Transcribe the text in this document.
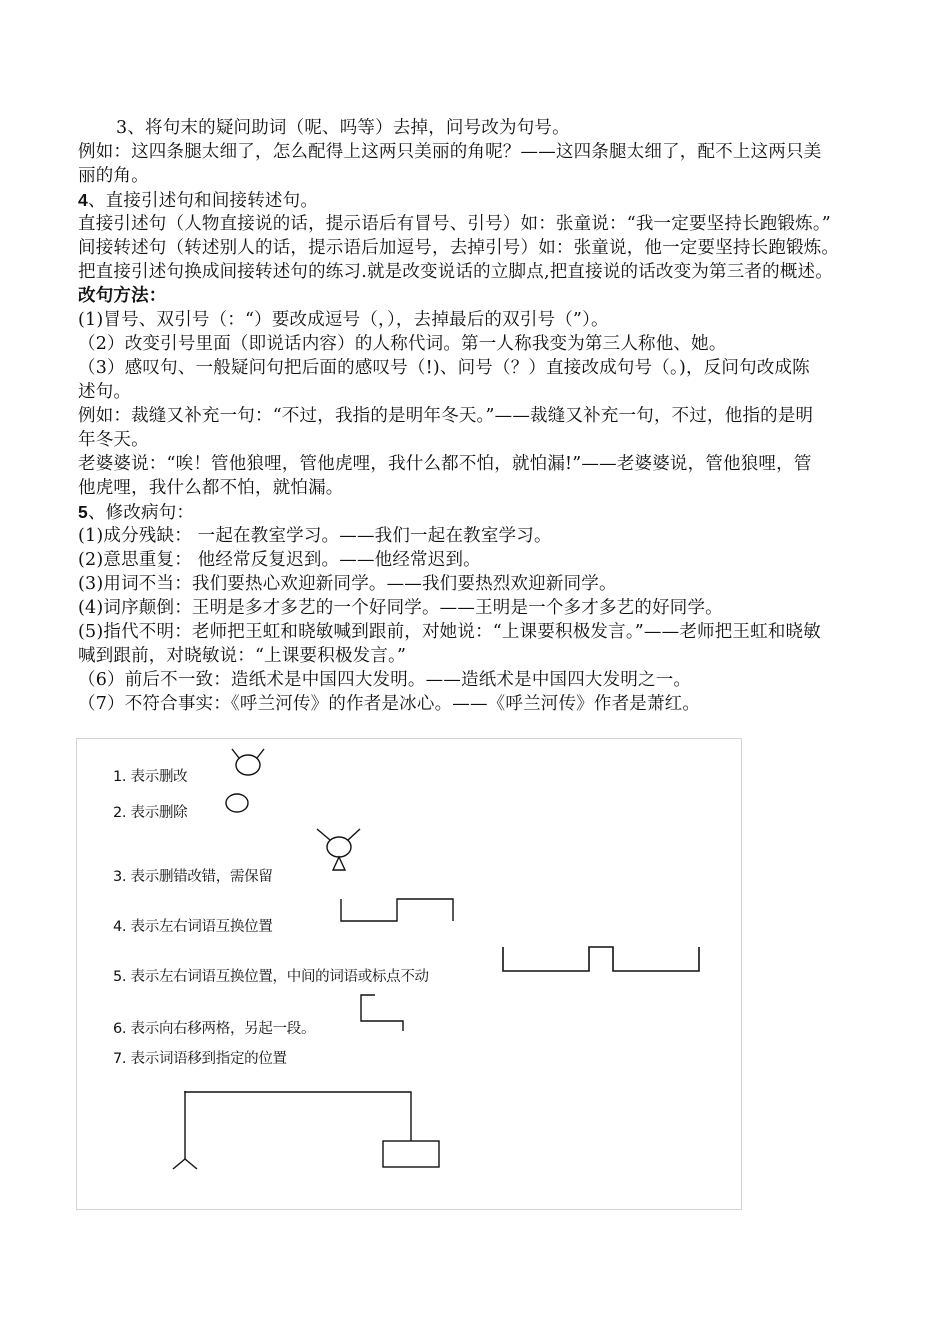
3、将句末的疑问助词（呢、吗等）去掉，问号改为句号。
例如：这四条腿太细了，怎么配得上这两只美丽的角呢？——这四条腿太细了，配不上这两只美
丽的角。
4、直接引述句和间接转述句。
直接引述句（人物直接说的话，提示语后有冒号、引号）如：张童说：“我一定要坚持长跑锻炼。”
间接转述句（转述别人的话，提示语后加逗号，去掉引号）如：张童说，他一定要坚持长跑锻炼。
把直接引述句换成间接转述句的练习.就是改变说话的立脚点,把直接说的话改变为第三者的概述。
改句方法：
(1)冒号、双引号（：“）要改成逗号（，），去掉最后的双引号（”）。
（2）改变引号里面（即说话内容）的人称代词。第一人称我变为第三人称他、她。
（3）感叹句、一般疑问句把后面的感叹号（!)、问号（？）直接改成句号（。)，反问句改成陈
述句。
例如：裁缝又补充一句：“不过，我指的是明年冬天。”——裁缝又补充一句，不过，他指的是明
年冬天。
老婆婆说：“唉！管他狼哩，管他虎哩，我什么都不怕，就怕漏!”——老婆婆说，管他狼哩，管
他虎哩，我什么都不怕，就怕漏。
5、修改病句：
(1)成分残缺： 一起在教室学习。——我们一起在教室学习。
(2)意思重复： 他经常反复迟到。——他经常迟到。
(3)用词不当：我们要热心欢迎新同学。——我们要热烈欢迎新同学。
(4)词序颠倒：王明是多才多艺的一个好同学。——王明是一个多才多艺的好同学。
(5)指代不明：老师把王虹和晓敏喊到跟前，对她说：“上课要积极发言。”——老师把王虹和晓敏
喊到跟前，对晓敏说：“上课要积极发言。”
（6）前后不一致：造纸术是中国四大发明。——造纸术是中国四大发明之一。
（7）不符合事实：《呼兰河传》的作者是冰心。——《呼兰河传》作者是萧红。
1. 表示删改
2. 表示删除
3. 表示删错改错，需保留
4. 表示左右词语互换位置
5. 表示左右词语互换位置，中间的词语或标点不动
6. 表示向右移两格，另起一段。
7. 表示词语移到指定的位置
